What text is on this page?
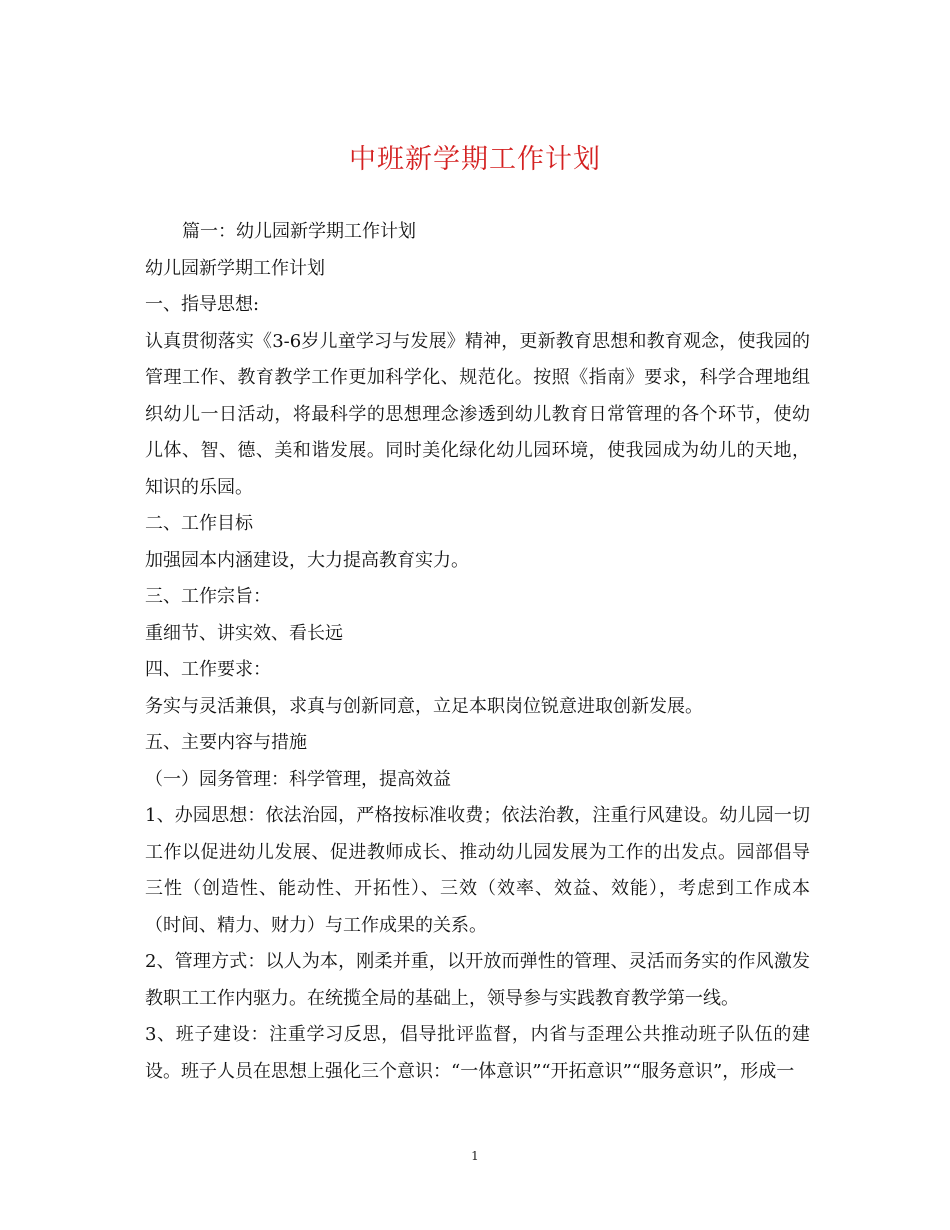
中班新学期工作计划

篇一：幼儿园新学期工作计划

幼儿园新学期工作计划

一、指导思想:

认真贯彻落实《3-6岁儿童学习与发展》精神，更新教育思想和教育观念，使我园的管理工作、教育教学工作更加科学化、规范化。按照《指南》要求，科学合理地组织幼儿一日活动，将最科学的思想理念渗透到幼儿教育日常管理的各个环节，使幼儿体、智、德、美和谐发展。同时美化绿化幼儿园环境，使我园成为幼儿的天地，知识的乐园。

二、工作目标

加强园本内涵建设，大力提高教育实力。

三、工作宗旨：

重细节、讲实效、看长远

四、工作要求：

务实与灵活兼俱，求真与创新同意，立足本职岗位锐意进取创新发展。

五、主要内容与措施

（一）园务管理：科学管理，提高效益

1、办园思想：依法治园，严格按标准收费；依法治教，注重行风建设。幼儿园一切工作以促进幼儿发展、促进教师成长、推动幼儿园发展为工作的出发点。园部倡导三性（创造性、能动性、开拓性）、三效（效率、效益、效能），考虑到工作成本（时间、精力、财力）与工作成果的关系。

2、管理方式：以人为本，刚柔并重，以开放而弹性的管理、灵活而务实的作风激发教职工工作内驱力。在统揽全局的基础上，领导参与实践教育教学第一线。

3、班子建设：注重学习反思，倡导批评监督，内省与歪理公共推动班子队伍的建设。班子人员在思想上强化三个意识：“一体意识”“开拓意识”“服务意识”，形成一

1
